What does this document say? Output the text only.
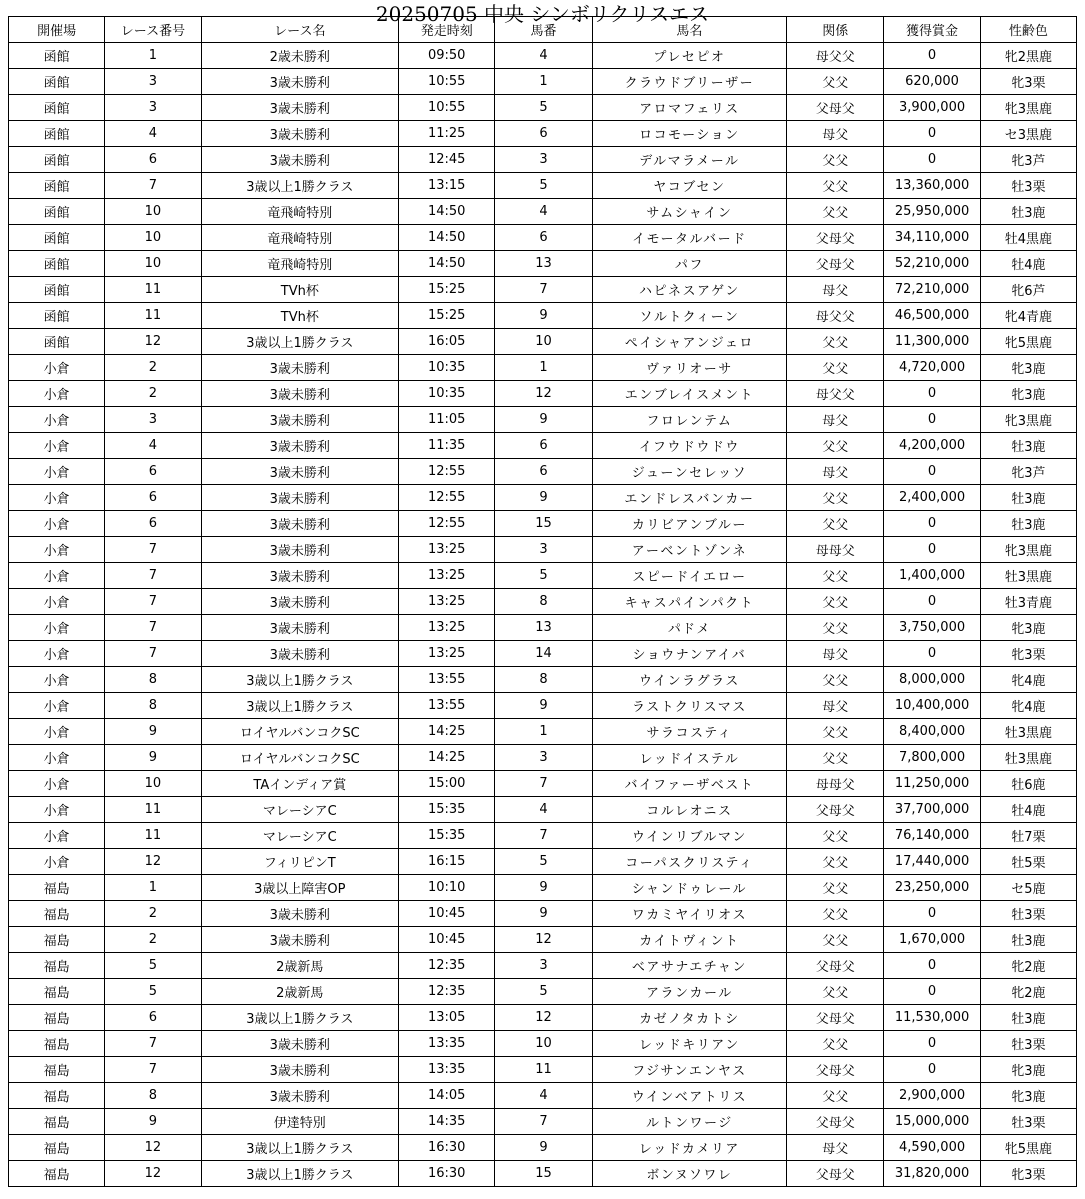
20250705 中央 シンボリクリスエス
開催場	レース番号	レース名	発走時刻	馬番	馬名	関係	獲得賞金	性齢色
函館	1	2歳未勝利	09:50	4	プレセピオ	母父父	0	牝2黒鹿
函館	3	3歳未勝利	10:55	1	クラウドブリーザー	父父	620,000	牝3栗
函館	3	3歳未勝利	10:55	5	アロマフェリス	父母父	3,900,000	牝3黒鹿
函館	4	3歳未勝利	11:25	6	ロコモーション	母父	0	セ3黒鹿
函館	6	3歳未勝利	12:45	3	デルマラメール	父父	0	牝3芦
函館	7	3歳以上1勝クラス	13:15	5	ヤコブセン	父父	13,360,000	牡3栗
函館	10	竜飛崎特別	14:50	4	サムシャイン	父父	25,950,000	牡3鹿
函館	10	竜飛崎特別	14:50	6	イモータルバード	父母父	34,110,000	牡4黒鹿
函館	10	竜飛崎特別	14:50	13	パフ	父母父	52,210,000	牡4鹿
函館	11	TVh杯	15:25	7	ハピネスアゲン	母父	72,210,000	牝6芦
函館	11	TVh杯	15:25	9	ソルトクィーン	母父父	46,500,000	牝4青鹿
函館	12	3歳以上1勝クラス	16:05	10	ペイシャアンジェロ	父父	11,300,000	牝5黒鹿
小倉	2	3歳未勝利	10:35	1	ヴァリオーサ	父父	4,720,000	牝3鹿
小倉	2	3歳未勝利	10:35	12	エンブレイスメント	母父父	0	牝3鹿
小倉	3	3歳未勝利	11:05	9	フロレンテム	母父	0	牝3黒鹿
小倉	4	3歳未勝利	11:35	6	イフウドウドウ	父父	4,200,000	牡3鹿
小倉	6	3歳未勝利	12:55	6	ジューンセレッソ	母父	0	牝3芦
小倉	6	3歳未勝利	12:55	9	エンドレスバンカー	父父	2,400,000	牡3鹿
小倉	6	3歳未勝利	12:55	15	カリビアンブルー	父父	0	牡3鹿
小倉	7	3歳未勝利	13:25	3	アーベントゾンネ	母母父	0	牝3黒鹿
小倉	7	3歳未勝利	13:25	5	スピードイエロー	父父	1,400,000	牡3黒鹿
小倉	7	3歳未勝利	13:25	8	キャスパインパクト	父父	0	牡3青鹿
小倉	7	3歳未勝利	13:25	13	パドメ	父父	3,750,000	牝3鹿
小倉	7	3歳未勝利	13:25	14	ショウナンアイバ	母父	0	牝3栗
小倉	8	3歳以上1勝クラス	13:55	8	ウインラグラス	父父	8,000,000	牝4鹿
小倉	8	3歳以上1勝クラス	13:55	9	ラストクリスマス	母父	10,400,000	牝4鹿
小倉	9	ロイヤルバンコクSC	14:25	1	サラコスティ	父父	8,400,000	牡3黒鹿
小倉	9	ロイヤルバンコクSC	14:25	3	レッドイステル	父父	7,800,000	牡3黒鹿
小倉	10	TAインディア賞	15:00	7	バイファーザベスト	母母父	11,250,000	牡6鹿
小倉	11	マレーシアC	15:35	4	コルレオニス	父母父	37,700,000	牡4鹿
小倉	11	マレーシアC	15:35	7	ウインリブルマン	父父	76,140,000	牡7栗
小倉	12	フィリピンT	16:15	5	コーパスクリスティ	父父	17,440,000	牡5栗
福島	1	3歳以上障害OP	10:10	9	シャンドゥレール	父父	23,250,000	セ5鹿
福島	2	3歳未勝利	10:45	9	ワカミヤイリオス	父父	0	牡3栗
福島	2	3歳未勝利	10:45	12	カイトヴィント	父父	1,670,000	牡3鹿
福島	5	2歳新馬	12:35	3	ベアサナエチャン	父母父	0	牝2鹿
福島	5	2歳新馬	12:35	5	アランカール	父父	0	牝2鹿
福島	6	3歳以上1勝クラス	13:05	12	カゼノタカトシ	父母父	11,530,000	牡3鹿
福島	7	3歳未勝利	13:35	10	レッドキリアン	父父	0	牡3栗
福島	7	3歳未勝利	13:35	11	フジサンエンヤス	父母父	0	牝3鹿
福島	8	3歳未勝利	14:05	4	ウインベアトリス	父父	2,900,000	牝3鹿
福島	9	伊達特別	14:35	7	ルトンワージ	父母父	15,000,000	牡3栗
福島	12	3歳以上1勝クラス	16:30	9	レッドカメリア	母父	4,590,000	牝5黒鹿
福島	12	3歳以上1勝クラス	16:30	15	ボンヌソワレ	父母父	31,820,000	牝3栗
